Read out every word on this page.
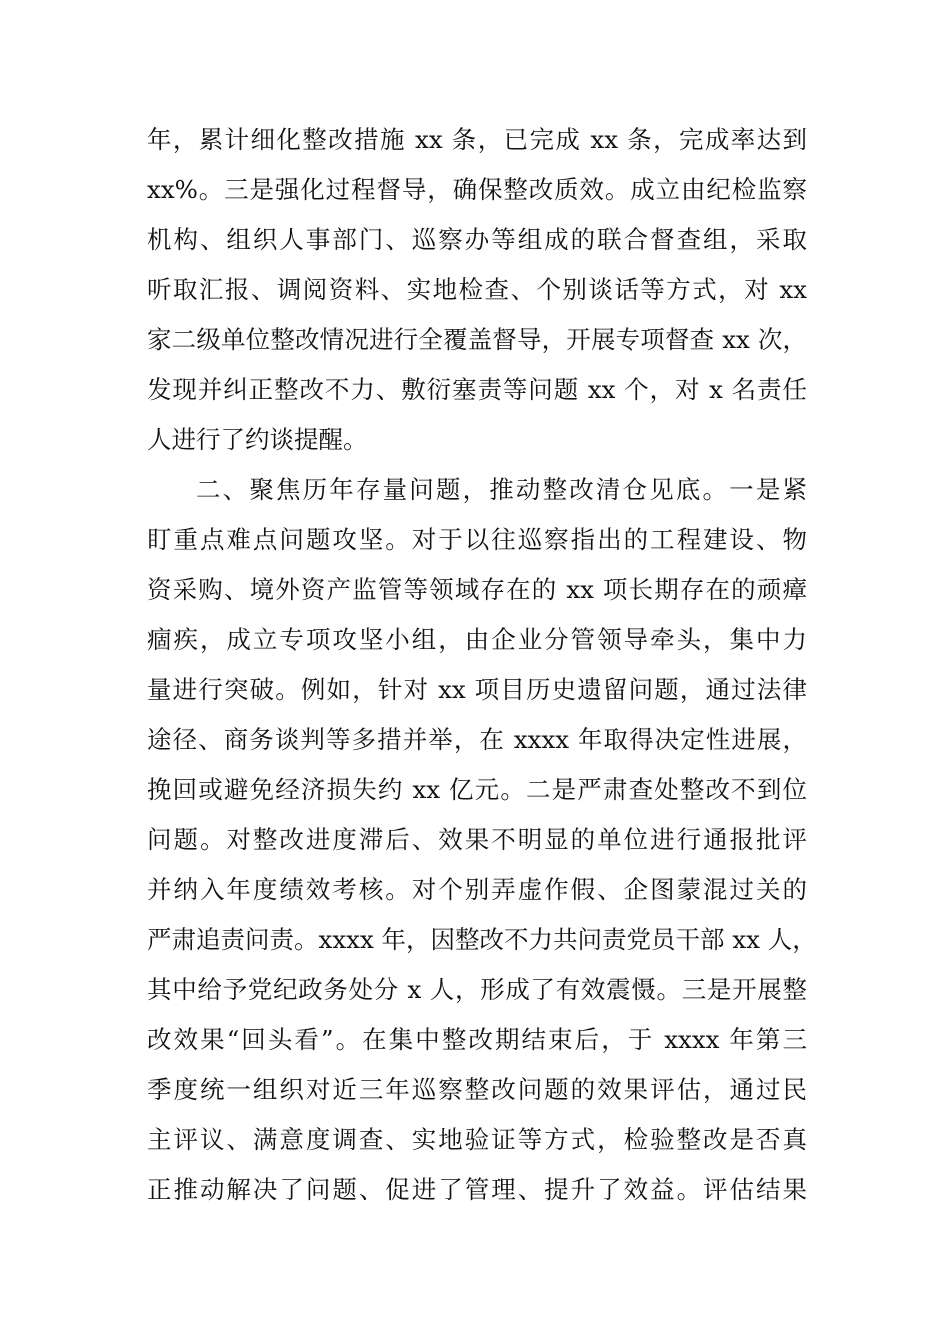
年，累计细化整改措施 xx 条，已完成 xx 条，完成率达到
xx%。三是强化过程督导，确保整改质效。成立由纪检监察
机构、组织人事部门、巡察办等组成的联合督查组，采取
听取汇报、调阅资料、实地检查、个别谈话等方式，对 xx
家二级单位整改情况进行全覆盖督导，开展专项督查 xx 次，
发现并纠正整改不力、敷衍塞责等问题 xx 个，对 x 名责任
人进行了约谈提醒。
二、聚焦历年存量问题，推动整改清仓见底。一是紧
盯重点难点问题攻坚。对于以往巡察指出的工程建设、物
资采购、境外资产监管等领域存在的 xx 项长期存在的顽瘴
痼疾，成立专项攻坚小组，由企业分管领导牵头，集中力
量进行突破。例如，针对 xx 项目历史遗留问题，通过法律
途径、商务谈判等多措并举，在 xxxx 年取得决定性进展，
挽回或避免经济损失约 xx 亿元。二是严肃查处整改不到位
问题。对整改进度滞后、效果不明显的单位进行通报批评
并纳入年度绩效考核。对个别弄虚作假、企图蒙混过关的
严肃追责问责。xxxx 年，因整改不力共问责党员干部 xx 人，
其中给予党纪政务处分 x 人，形成了有效震慑。三是开展整
改效果“回头看”。在集中整改期结束后，于 xxxx 年第三
季度统一组织对近三年巡察整改问题的效果评估，通过民
主评议、满意度调查、实地验证等方式，检验整改是否真
正推动解决了问题、促进了管理、提升了效益。评估结果
